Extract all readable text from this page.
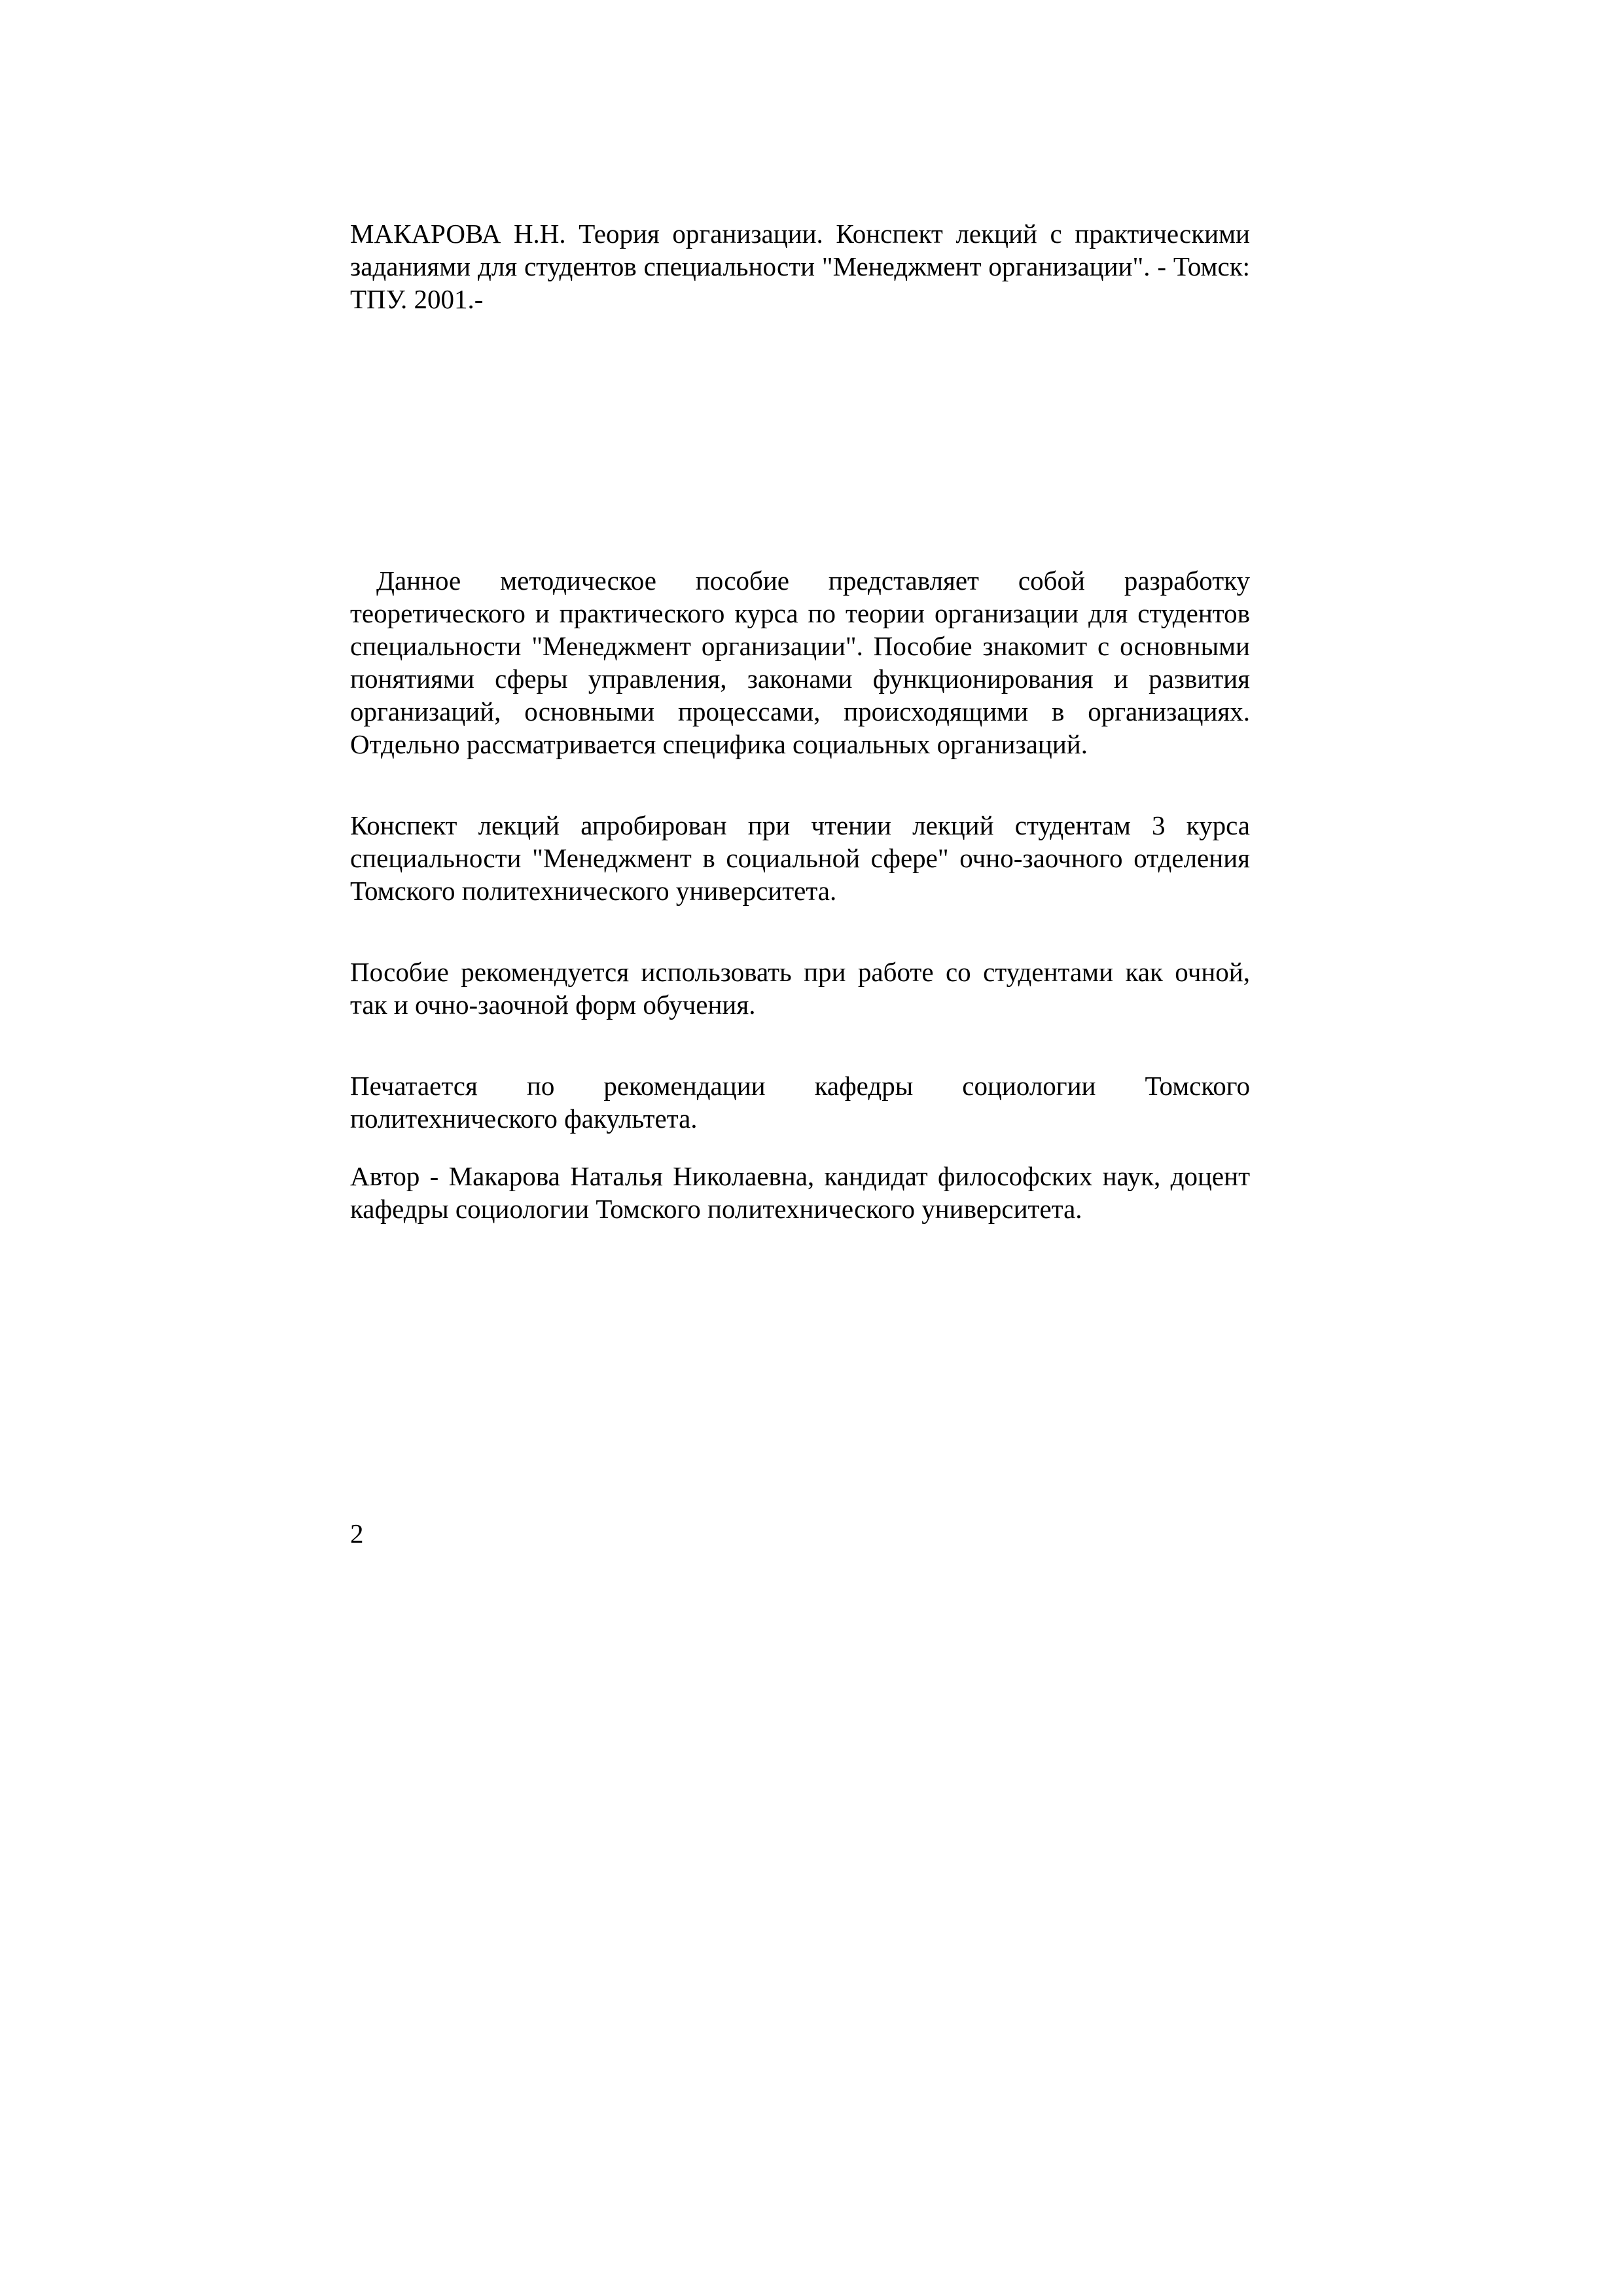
МАКАРОВА Н.Н. Теория организации. Конспект лекций с практическими заданиями для студентов специальности "Менеджмент организации". - Томск: ТПУ. 2001.-

Данное методическое пособие представляет собой разработку теоретического и практического курса по теории организации для студентов специальности "Менеджмент организации". Пособие знакомит с основными понятиями сферы управления, законами функционирования и развития организаций, основными процессами, происходящими в организациях. Отдельно рассматривается специфика социальных организаций.

Конспект лекций апробирован при чтении лекций студентам 3 курса специальности "Менеджмент в социальной сфере" очно-заочного отделения Томского политехнического университета.

Пособие рекомендуется использовать при работе со студентами как очной, так и очно-заочной форм обучения.

Печатается по рекомендации кафедры социологии Томского политехнического факультета.

Автор - Макарова Наталья Николаевна, кандидат философских наук, доцент кафедры социологии Томского политехнического университета.

2
